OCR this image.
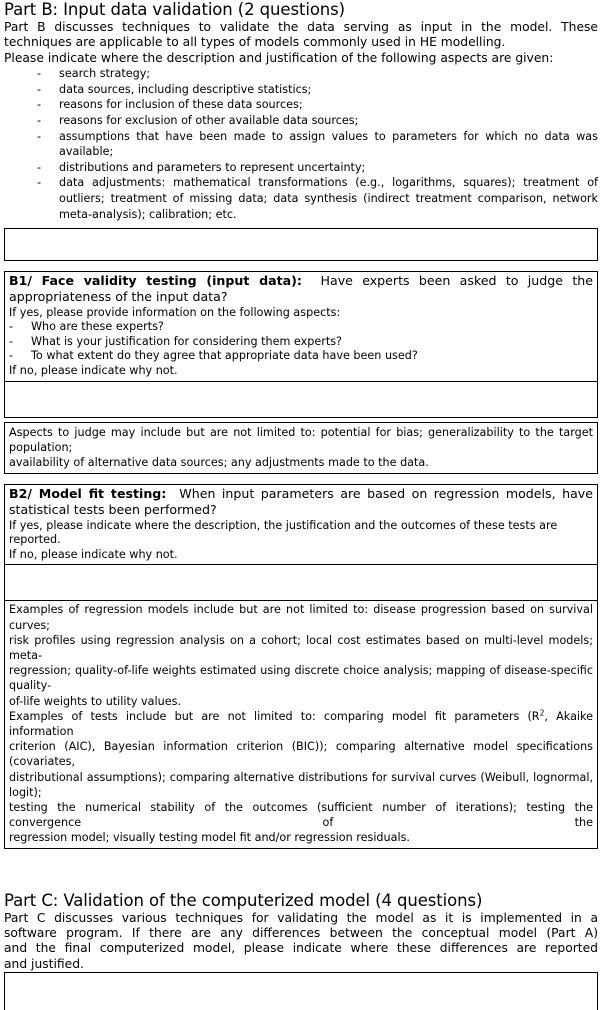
Part B: Input data validation (2 questions)
Part B discusses techniques to validate the data serving as input in the model. These
techniques are applicable to all types of models commonly used in HE modelling.
Please indicate where the description and justification of the following aspects are given:
- search strategy;
- data sources, including descriptive statistics;
- reasons for inclusion of these data sources;
- reasons for exclusion of other available data sources;
- assumptions that have been made to assign values to parameters for which no data was available;
- distributions and parameters to represent uncertainty;
- data adjustments: mathematical transformations (e.g., logarithms, squares); treatment of outliers; treatment of missing data; data synthesis (indirect treatment comparison, network meta-analysis); calibration; etc.
B1/ Face validity testing (input data): Have experts been asked to judge the
appropriateness of the input data?

If yes, please provide information on the following aspects:

- Who are these experts?
- What is your justification for considering them experts?
- To what extent do they agree that appropriate data have been used?

If no, please indicate why not.

Aspects to judge may include but are not limited to: potential for bias; generalizability to the target population;
availability of alternative data sources; any adjustments made to the data.
B2/ Model fit testing: When input parameters are based on regression models, have
statistical tests been performed?

If yes, please indicate where the description, the justification and the outcomes of these tests are reported.

If no, please indicate why not.

Examples of regression models include but are not limited to: disease progression based on survival curves;
risk profiles using regression analysis on a cohort; local cost estimates based on multi-level models; meta-
regression; quality-of-life weights estimated using discrete choice analysis; mapping of disease-specific quality-
of-life weights to utility values.
Examples of tests include but are not limited to: comparing model fit parameters ($R^2$, Akaike information
criterion (AIC), Bayesian information criterion (BIC)); comparing alternative model specifications (covariates,
distributional assumptions); comparing alternative distributions for survival curves (Weibull, lognormal, logit);
testing the numerical stability of the outcomes (sufficient number of iterations); testing the convergence of the
regression model; visually testing model fit and/or regression residuals.
Part C: Validation of the computerized model (4 questions)
Part C discusses various techniques for validating the model as it is implemented in a
software program. If there are any differences between the conceptual model (Part A)
and the final computerized model, please indicate where these differences are reported
and justified.
